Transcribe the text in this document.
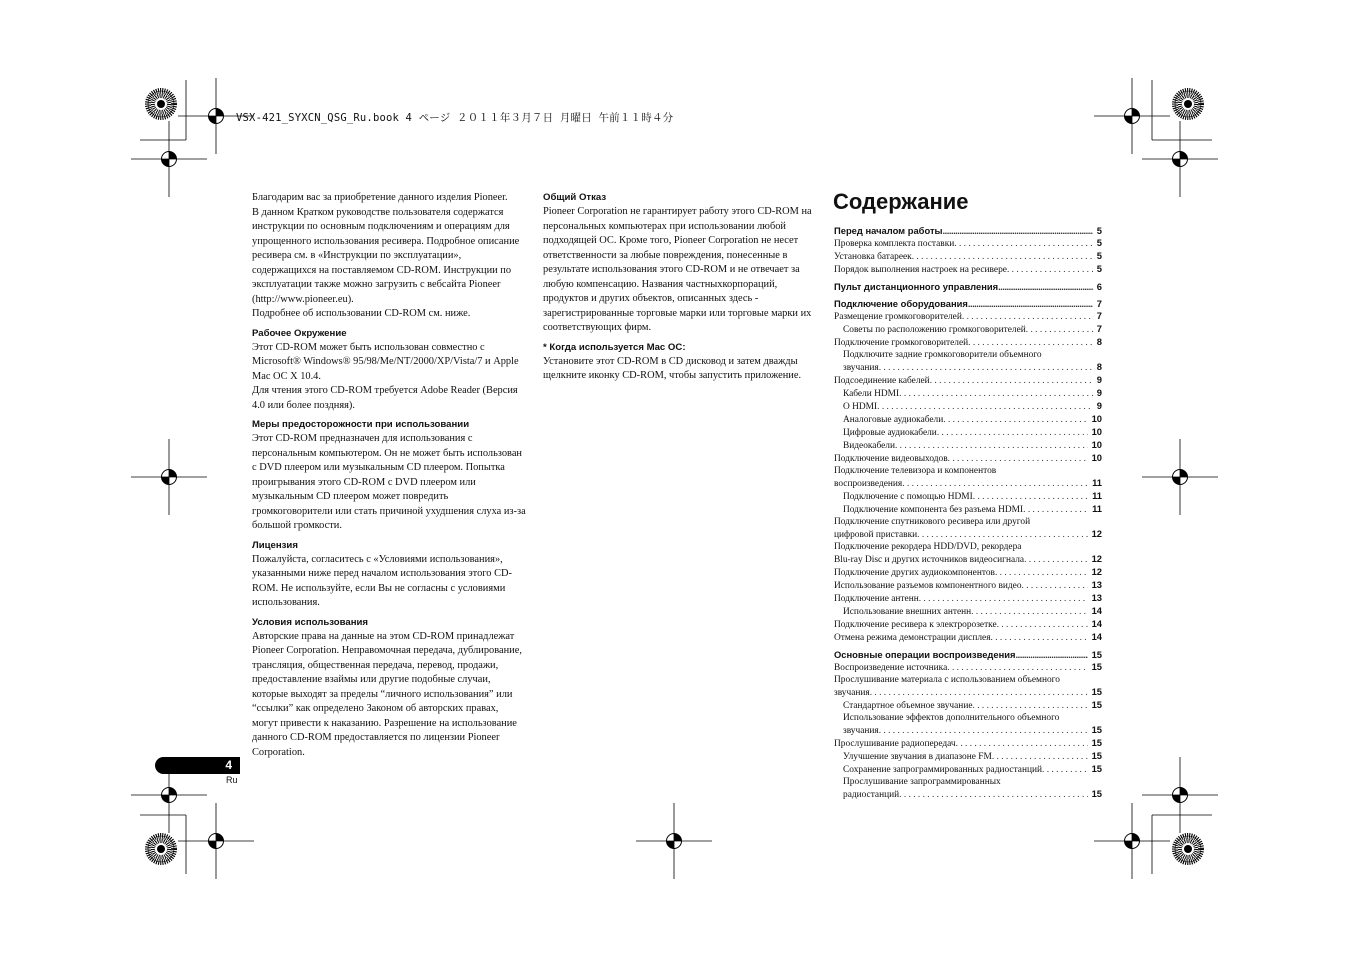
VSX-421_SYXCN_QSG_Ru.book 4 ページ ２０１１年３月７日 月曜日 午前１１時４分

Благодарим вас за приобретение данного изделия Pioneer.

В данном Кратком руководстве пользователя содержатся инструкции по основным подключениям и операциям для упрощенного использования ресивера. Подробное описание ресивера см. в «Инструкции по эксплуатации», содержащихся на поставляемом CD-ROM. Инструкции по эксплуатации также можно загрузить с вебсайта Pioneer (http://www.pioneer.eu).

Подробнее об использовании CD-ROM см. ниже.

Рабочее Окружение

Этот CD-ROM может быть использован совместно с Microsoft® Windows® 95/98/Me/NT/2000/XP/Vista/7 и Apple Mac OC X 10.4.

Для чтения этого CD-ROM требуется Adobe Reader (Версия 4.0 или более поздняя).

Меры предосторожности при использовании

Этот CD-ROM предназначен для использования с персональным компьютером. Он не может быть использован с DVD плеером или музыкальным CD плеером. Попытка проигрывания этого CD-ROM с DVD плеером или музыкальным CD плеером может повредить громкоговорители или стать причиной ухудшения слуха из-за большой громкости.

Лицензия

Пожалуйста, согласитесь с «Условиями использования», указанными ниже перед началом использования этого CD-ROM. Не используйте, если Вы не согласны с условиями использования.

Условия использования

Авторские права на данные на этом CD-ROM принадлежат Pioneer Corporation. Неправомочная передача, дублирование, трансляция, общественная передача, перевод, продажи, предоставление взаймы или другие подобные случаи, которые выходят за пределы “личного использования” или “ссылки” как определено Законом об авторских правах, могут привести к наказанию. Разрешение на использование данного CD-ROM предоставляется по лицензии Pioneer Corporation.

Общий Отказ

Pioneer Corporation не гарантирует работу этого CD-ROM на персональных компьютерах при использовании любой подходящей ОС. Кроме того, Pioneer Corporation не несет ответственности за любые повреждения, понесенные в результате использования этого CD-ROM и не отвечает за любую компенсацию. Названия частныхкорпораций, продуктов и других объектов, описанных здесь - зарегистрированные торговые марки или торговые марки их соответствующих фирм.

* Когда используется Mac OC:

Установите этот CD-ROM в CD дисковод и затем дважды щелкните иконку CD-ROM, чтобы запустить приложение.

Содержание
Перед началом работы .....	5
Проверка комплекта поставки . . .	5
Установка батареек . . .	5
Порядок выполнения настроек на ресивере . . .	5
Пульт дистанционного управления .....	6
Подключение оборудования .....	7
Размещение громкоговорителей . . .	7
Советы по расположению громкоговорителей . . .	7
Подключение громкоговорителей . . .	8
Подключите задние громкоговорители объемного
звучания . . .	8
Подсоединение кабелей . . .	9
Кабели HDMI . . .	9
О HDMI . . .	9
Аналоговые аудиокабели . . .	10
Цифровые аудиокабели . . .	10
Видеокабели . . .	10
Подключение видеовыходов . . .	10
Подключение телевизора и компонентов
воспроизведения . . .	11
Подключение с помощью HDMI . . .	11
Подключение компонента без разъема HDMI . . .	11
Подключение спутникового ресивера или другой
цифровой приставки . . .	12
Подключение рекордера HDD/DVD, рекордера
Blu-ray Disc и других источников видеосигнала . . .	12
Подключение других аудиокомпонентов . . .	12
Использование разъемов компонентного видео . . .	13
Подключение антенн . . .	13
Использование внешних антенн . . .	14
Подключение ресивера к электророзетке . . .	14
Отмена режима демонстрации дисплея . . .	14
Основные операции воспроизведения .....	15
Воспроизведение источника . . .	15
Прослушивание материала с использованием объемного
звучания . . .	15
Стандартное объемное звучание . . .	15
Использование эффектов дополнительного объемного
звучания . . .	15
Прослушивание радиопередач . . .	15
Улучшение звучания в диапазоне FM . . .	15
Сохранение запрограммированных радиостанций . . .	15
Прослушивание запрограммированных
радиостанций . . .	15
4
Ru
